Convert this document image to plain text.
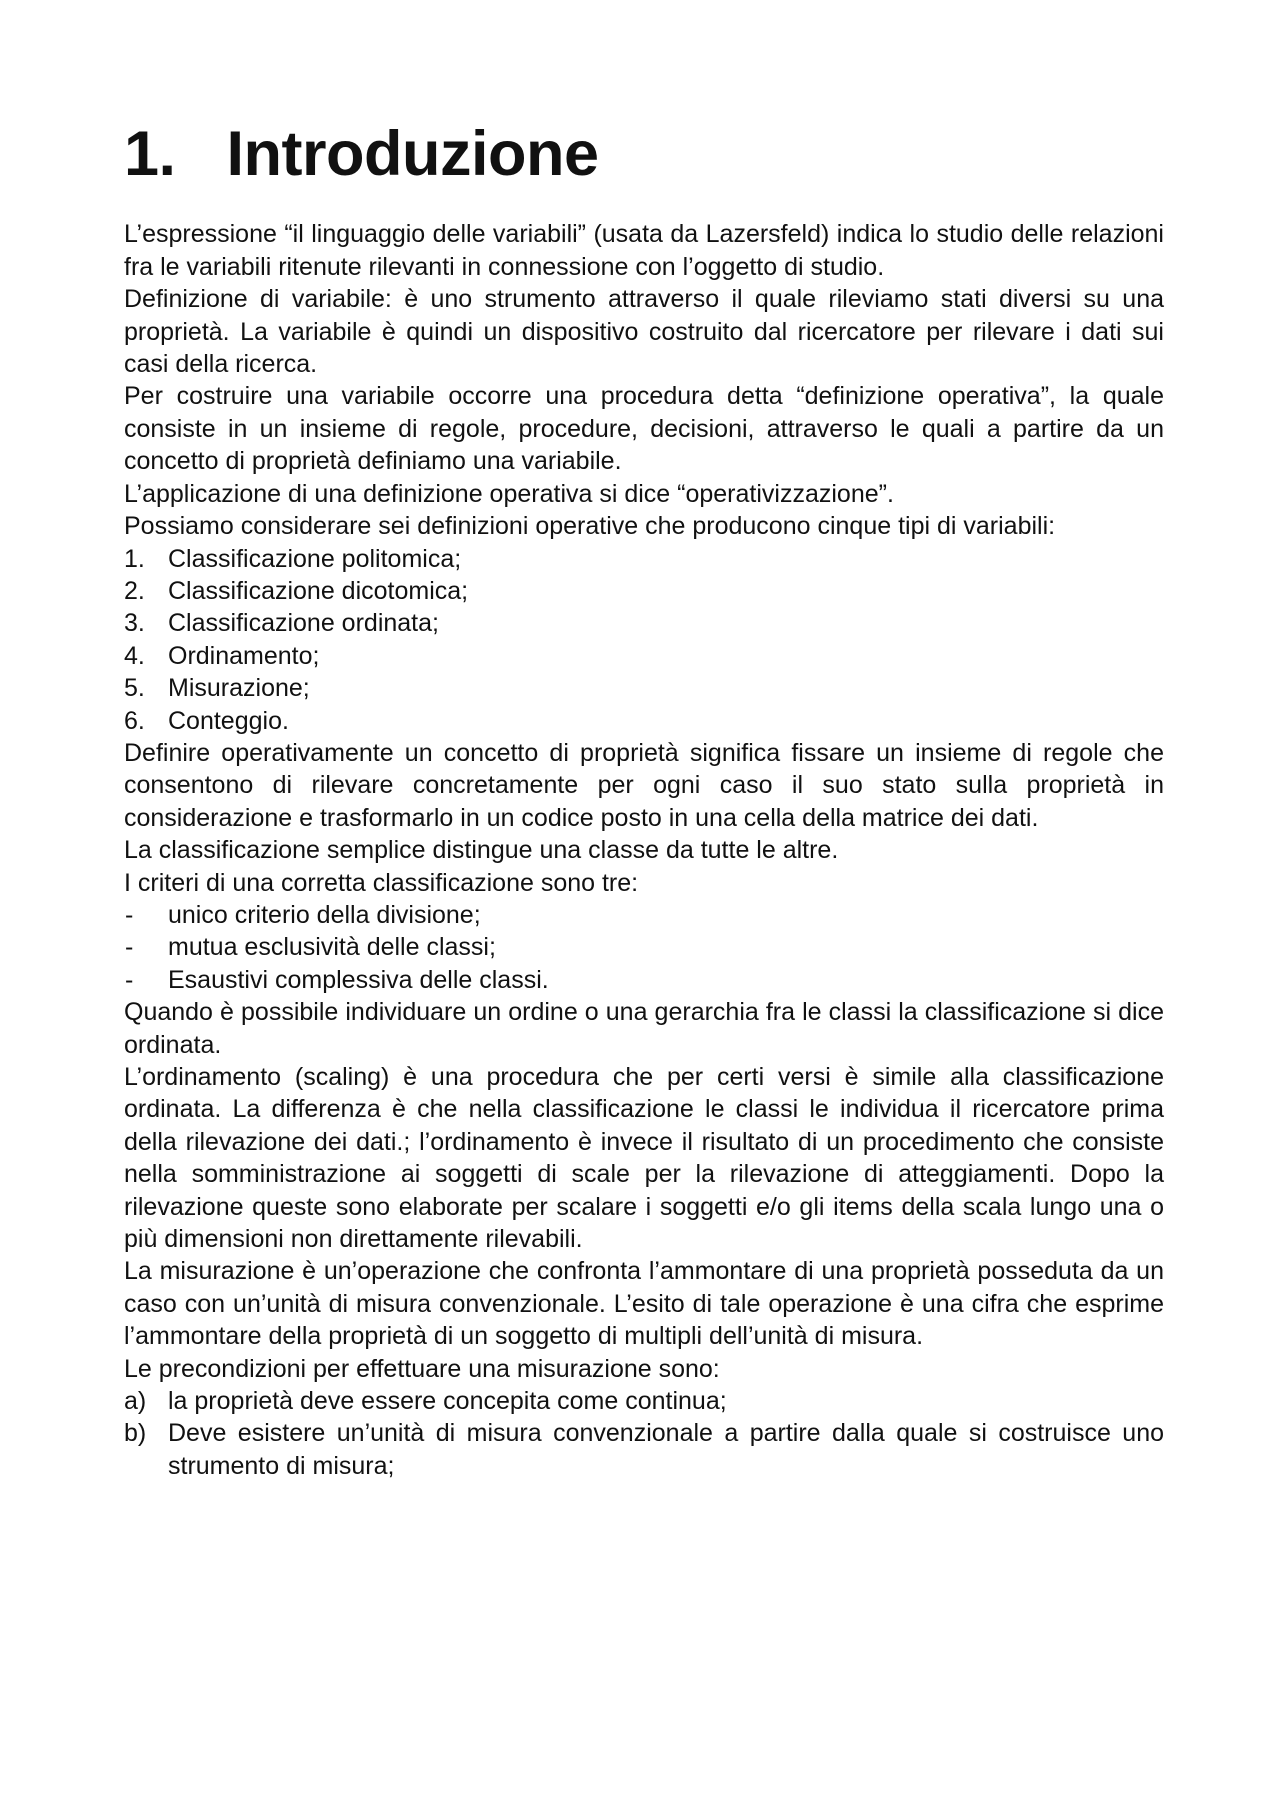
1.   Introduzione

L’espressione “il linguaggio delle variabili” (usata da Lazersfeld) indica lo studio delle relazioni fra le variabili ritenute rilevanti in connessione con l’oggetto di studio.

Definizione di variabile: è uno strumento attraverso il quale rileviamo stati diversi su una proprietà. La variabile è quindi un dispositivo costruito dal ricercatore per rilevare i dati sui casi della ricerca.

Per costruire una variabile occorre una procedura detta “definizione operativa”, la quale consiste in un insieme di regole, procedure, decisioni, attraverso le quali a partire da un concetto di proprietà definiamo una variabile.

L’applicazione di una definizione operativa si dice “operativizzazione”.

Possiamo considerare sei definizioni operative che producono cinque tipi di variabili:

1. Classificazione politomica;
2. Classificazione dicotomica;
3. Classificazione ordinata;
4. Ordinamento;
5. Misurazione;
6. Conteggio.

Definire operativamente un concetto di proprietà significa fissare un insieme di regole che consentono di rilevare concretamente per ogni caso il suo stato sulla proprietà in considerazione e trasformarlo in un codice posto in una cella della matrice dei dati.

La classificazione semplice distingue una classe da tutte le altre.

I criteri di una corretta classificazione sono tre:

- unico criterio della divisione;
- mutua esclusività delle classi;
- Esaustivi complessiva delle classi.

Quando è possibile individuare un ordine o una gerarchia fra le classi la classificazione si dice ordinata.

L’ordinamento (scaling) è una procedura che per certi versi è simile alla classificazione ordinata. La differenza è che nella classificazione le classi le individua il ricercatore prima della rilevazione dei dati.; l’ordinamento è invece il risultato di un procedimento che consiste nella somministrazione ai soggetti di scale per la rilevazione di atteggiamenti. Dopo la rilevazione queste sono elaborate per scalare i soggetti e/o gli items della scala lungo una o più dimensioni non direttamente rilevabili.

La misurazione è un’operazione che confronta l’ammontare di una proprietà posseduta da un caso con un’unità di misura convenzionale. L’esito di tale operazione è una cifra che esprime l’ammontare della proprietà di un soggetto di multipli dell’unità di misura.

Le precondizioni per effettuare una misurazione sono:

a) la proprietà deve essere concepita come continua;
b) Deve esistere un’unità di misura convenzionale a partire dalla quale si costruisce uno strumento di misura;
